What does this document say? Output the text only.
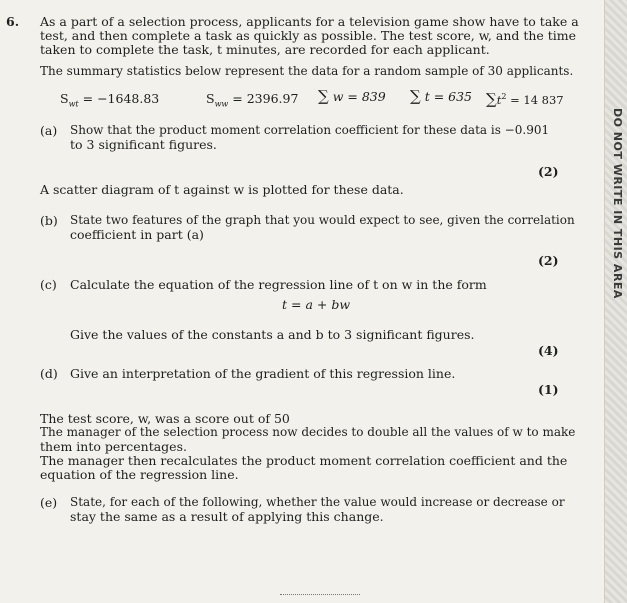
6. As a part of a selection process, applicants for a television game show have to take a
test, and then complete a task as quickly as possible. The test score, w, and the time
taken to complete the task, t minutes, are recorded for each applicant.
The summary statistics below represent the data for a random sample of 30 applicants.
$S_{wt} = -1648.83$	$S_{ww} = 2396.97$ ∑ w = 839 ∑ t = 635 $\sum t^2 = 14$ 837
(a) Show that the product moment correlation coefficient for these data is −0.901
to 3 significant figures.
(2)
A scatter diagram of t against w is plotted for these data.
(b) State two features of the graph that you would expect to see, given the correlation
coefficient in part (a)
(2)
(c) Calculate the equation of the regression line of t on w in the form
t = a + bw
Give the values of the constants a and b to 3 significant figures.
(4)
(d) Give an interpretation of the gradient of this regression line.
(1)
The test score, w, was a score out of 50
The manager of the selection process now decides to double all the values of w to make
them into percentages.
The manager then recalculates the product moment correlation coefficient and the
equation of the regression line.
(e) State, for each of the following, whether the value would increase or decrease or
stay the same as a result of applying this change.
DO NOT WRITE IN THIS AREA
